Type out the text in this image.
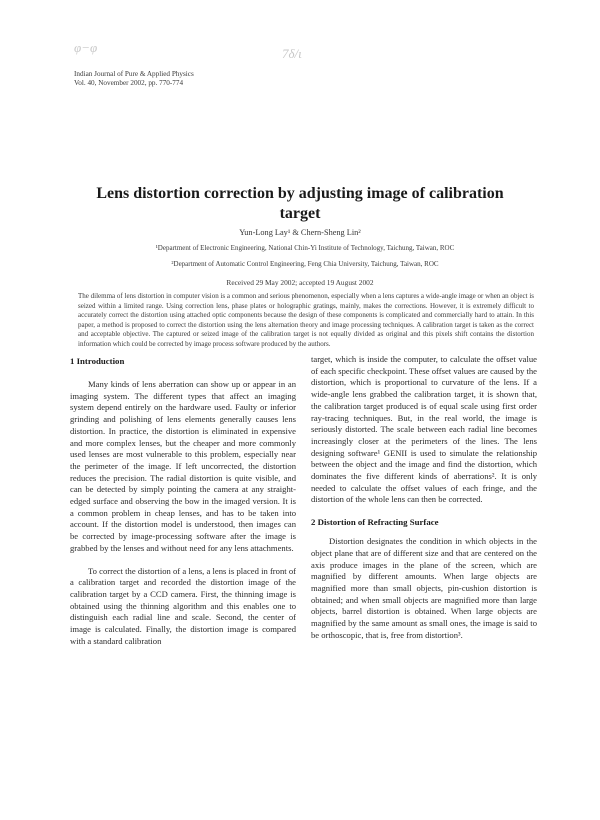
φ−φ	7δ/ι
Indian Journal of Pure & Applied Physics
Vol. 40, November 2002, pp. 770-774
Lens distortion correction by adjusting image of calibration target
Yun-Long Lay¹ & Chern-Sheng Lin²
¹Department of Electronic Engineering, National Chin-Yi Institute of Technology, Taichung, Taiwan, ROC
²Department of Automatic Control Engineering, Feng Chia University, Taichung, Taiwan, ROC
Received 29 May 2002; accepted 19 August 2002
The dilemma of lens distortion in computer vision is a common and serious phenomenon, especially when a lens captures a wide-angle image or when an object is seized within a limited range. Using correction lens, phase plates or holographic gratings, mainly, makes the corrections. However, it is extremely difficult to accurately correct the distortion using attached optic components because the design of these components is complicated and commercially hard to attain. In this paper, a method is proposed to correct the distortion using the lens alternation theory and image processing techniques. A calibration target is taken as the correct and acceptable objective. The captured or seized image of the calibration target is not equally divided as original and this pixels shift contains the distortion information which could be corrected by image process software produced by the authors.
1 Introduction

Many kinds of lens aberration can show up or appear in an imaging system. The different types that affect an imaging system depend entirely on the hardware used. Faulty or inferior grinding and polishing of lens elements generally causes lens distortion. In practice, the distortion is eliminated in expensive and more complex lenses, but the cheaper and more commonly used lenses are most vulnerable to this problem, especially near the perimeter of the image. If left uncorrected, the distortion reduces the precision. The radial distortion is quite visible, and can be detected by simply pointing the camera at any straight-edged surface and observing the bow in the imaged version. It is a common problem in cheap lenses, and has to be taken into account. If the distortion model is understood, then images can be corrected by image-processing software after the image is grabbed by the lenses and without need for any lens attachments.

To correct the distortion of a lens, a lens is placed in front of a calibration target and recorded the distortion image of the calibration target by a CCD camera. First, the thinning image is obtained using the thinning algorithm and this enables one to distinguish each radial line and scale. Second, the center of image is calculated. Finally, the distortion image is compared with a standard calibration

target, which is inside the computer, to calculate the offset value of each specific checkpoint. These offset values are caused by the distortion, which is proportional to curvature of the lens. If a wide-angle lens grabbed the calibration target, it is shown that, the calibration target produced is of equal scale using first order ray-tracing techniques. But, in the real world, the image is seriously distorted. The scale between each radial line becomes increasingly closer at the perimeters of the lines. The lens designing software¹ GENII is used to simulate the relationship between the object and the image and find the distortion, which dominates the five different kinds of aberrations². It is only needed to calculate the offset values of each fringe, and the distortion of the whole lens can then be corrected.

2 Distortion of Refracting Surface

Distortion designates the condition in which objects in the object plane that are of different size and that are centered on the axis produce images in the plane of the screen, which are magnified by different amounts. When large objects are magnified more than small objects, pin-cushion distortion is obtained; and when small objects are magnified more than large objects, barrel distortion is obtained. When large objects are magnified by the same amount as small ones, the image is said to be orthoscopic, that is, free from distortion³.
